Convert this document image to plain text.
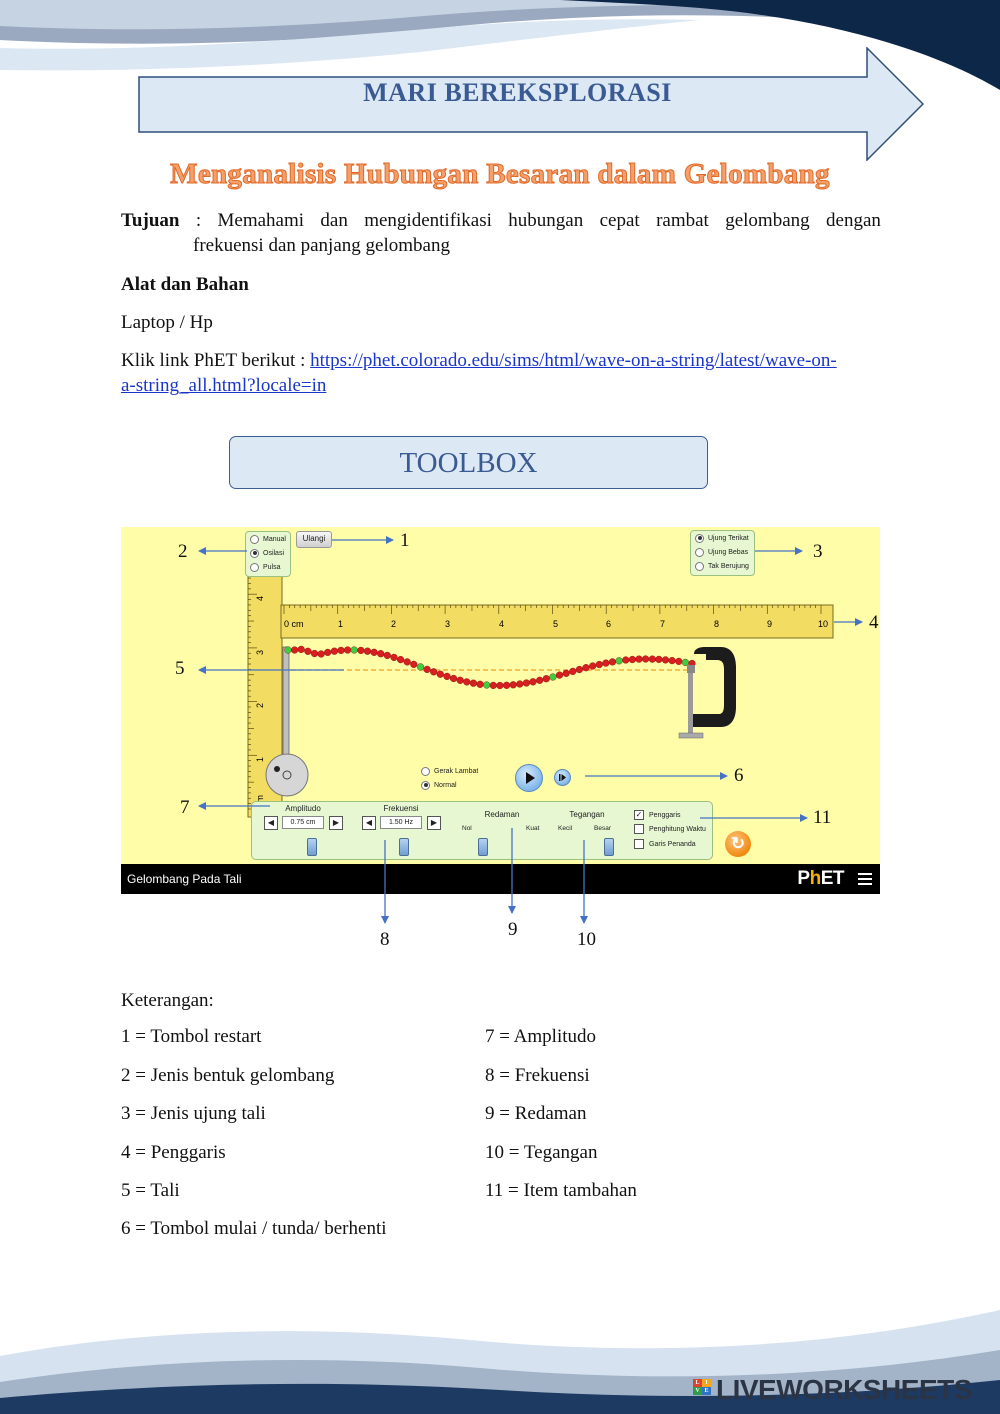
MARI BEREKSPLORASI
Menganalisis Hubungan Besaran dalam Gelombang
Tujuan : Memahami dan mengidentifikasi hubungan cepat rambat gelombang dengan
frekuensi dan panjang gelombang
Alat dan Bahan
Laptop / Hp
Klik link PhET berikut : https://phet.colorado.edu/sims/html/wave-on-a-string/latest/wave-on-
a-string_all.html?locale=in
TOOLBOX
4
3
2
1
0 cm	1	2	3	4	5	6	7	8	9	10
Manual
Osilasi
Pulsa
Ulangi	Ujung Terikat
Ujung Bebas
Tak Berujung
Gerak Lambat
Normal
Amplitudo
◀	0.75 cm	▶
Frekuensi
◀	1.50 Hz	▶
Redaman
Nol	Kuat
Tegangan
Kecil	Besar
✓ Penggaris
Penghitung Waktu
Garis Penanda	↻
Gelombang Pada Tali	PhET
1
2	3
4
5
6
7
8	9	10
11
Keterangan:
1 = Tombol restart
2 = Jenis bentuk gelombang
3 = Jenis ujung tali
4 = Penggaris
5 = Tali
6 = Tombol mulai / tunda/ berhenti
7 = Amplitudo
8 = Frekuensi
9 = Redaman
10 = Tegangan
11 = Item tambahan
L I
V E LIVEWORKSHEETS
